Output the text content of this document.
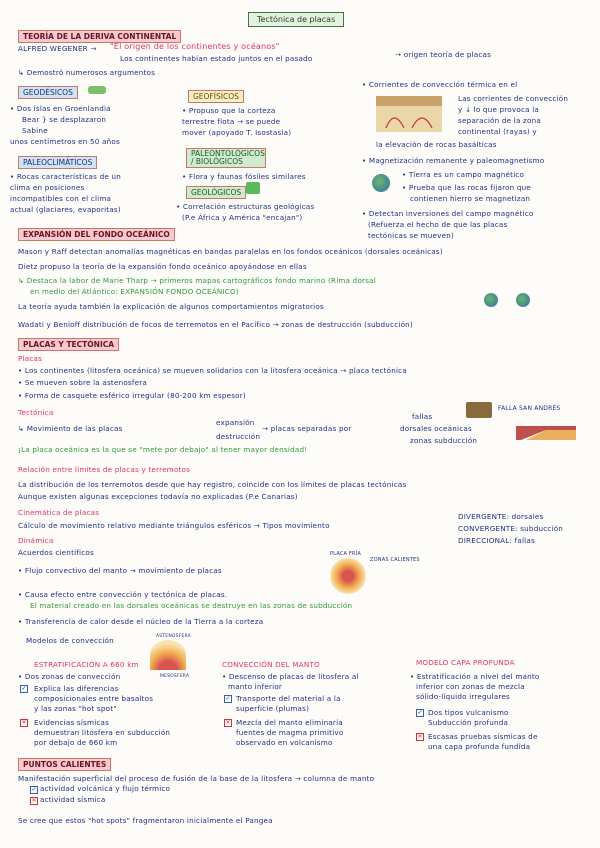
Tectónica de placas
TEORÍA DE LA DERIVA CONTINENTAL
ALFRED WEGENER → "El origen de los continentes y océanos"
→ origen teoría de placas
Los continentes habían estado juntos en el pasado
↳ Demostró numerosos argumentos
GEODÉSICOS
• Dos islas en Groenlandia
Bear } se desplazaron
Sabine
unos centímetros en 50 años
GEOFÍSICOS
• Propuso que la corteza
terrestre flota → se puede
mover (apoyado T. Isostasia)
PALEOCLIMÁTICOS
• Rocas características de un
clima en posiciones
incompatibles con el clima
actual (glaciares, evaporitas)
PALEONTOLÓGICOS / BIOLÓGICOS
• Flora y faunas fósiles similares
GEOLÓGICOS
• Correlación estructuras geológicas
(P.e África y América "encajan")
• Corrientes de convección térmica en el
Las corrientes de convección
y ↓ lo que provoca la
separación de la zona
continental (rayas) y
la elevación de rocas basálticas
• Magnetización remanente y paleomagnetismo
• Tierra es un campo magnético
• Prueba que las rocas fijaron que
contienen hierro se magnetizan
• Detectan inversiones del campo magnético
(Refuerza el hecho de que las placas
tectónicas se mueven)
EXPANSIÓN DEL FONDO OCEÁNICO
Mason y Raff detectan anomalías magnéticas en bandas paralelas en los fondos oceánicos (dorsales oceánicas)
Dietz propuso la teoría de la expansión fondo oceánico apoyándose en ellas
↳ Destaca la labor de Marie Tharp → primeros mapas cartográficos fondo marino (Rima dorsal
en medio del Atlántico: EXPANSIÓN FONDO OCEÁNICO)
La teoría ayuda también la explicación de algunos comportamientos migratorios
Wadati y Benioff distribución de focos de terremotos en el Pacífico → zonas de destrucción (subducción)
PLACAS Y TECTÓNICA
Placas
• Los continentes (litosfera oceánica) se mueven solidarios con la litosfera oceánica → placa tectónica
• Se mueven sobre la astenosfera
• Forma de casquete esférico irregular (80-200 km espesor)
Tectónica
↳ Movimiento de las placas
expansión
destrucción
→ placas separadas por
fallas
dorsales oceánicas
zonas subducción
FALLA SAN ANDRÉS
¡La placa oceánica es la que se "mete por debajo" al tener mayor densidad!
Relación entre límites de placas y terremotos
La distribución de los terremotos desde que hay registro, coincide con los límites de placas tectónicas
Aunque existen algunas excepciones todavía no explicadas (P.e Canarias)
Cinemática de placas
Cálculo de movimiento relativo mediante triángulos esféricos → Tipos movimiento
DIVERGENTE: dorsales
CONVERGENTE: subducción
DIRECCIONAL: fallas
Dinámica
Acuerdos científicos
• Flujo convectivo del manto → movimiento de placas
• Causa efecto entre convección y tectónica de placas.
El material creado en las dorsales oceánicas se destruye en las zonas de subducción
• Transferencia de calor desde el núcleo de la Tierra a la corteza
PLACA FRÍA
ZONAS CALIENTES
Modelos de convección	ASTENOSFERA
MESOSFERA
ESTRATIFICACIÓN A 660 km
• Dos zonas de convección
Explica las diferencias
composicionales entre basaltos
y las zonas "hot spot"
Evidencias sísmicas
demuestran litosfera en subducción
por debajo de 660 km
✓
✕
CONVECCIÓN DEL MANTO
• Descenso de placas de litosfera al
manto inferior
Transporte del material a la
superficie (plumas)
Mezcla del manto eliminaría
fuentes de magma primitivo
observado en volcanismo
✓
✕
MODELO CAPA PROFUNDA
• Estratificación a nivel del manto
inferior con zonas de mezcla
sólido-líquido irregulares
Dos tipos vulcanismo
Subducción profunda
Escasas pruebas sísmicas de
una capa profunda fundida
✓
✕
PUNTOS CALIENTES
Manifestación superficial del proceso de fusión de la base de la litosfera → columna de manto
✓ actividad volcánica y flujo térmico
✕ actividad sísmica
Se cree que estos "hot spots" fragmentaron inicialmente el Pangea
